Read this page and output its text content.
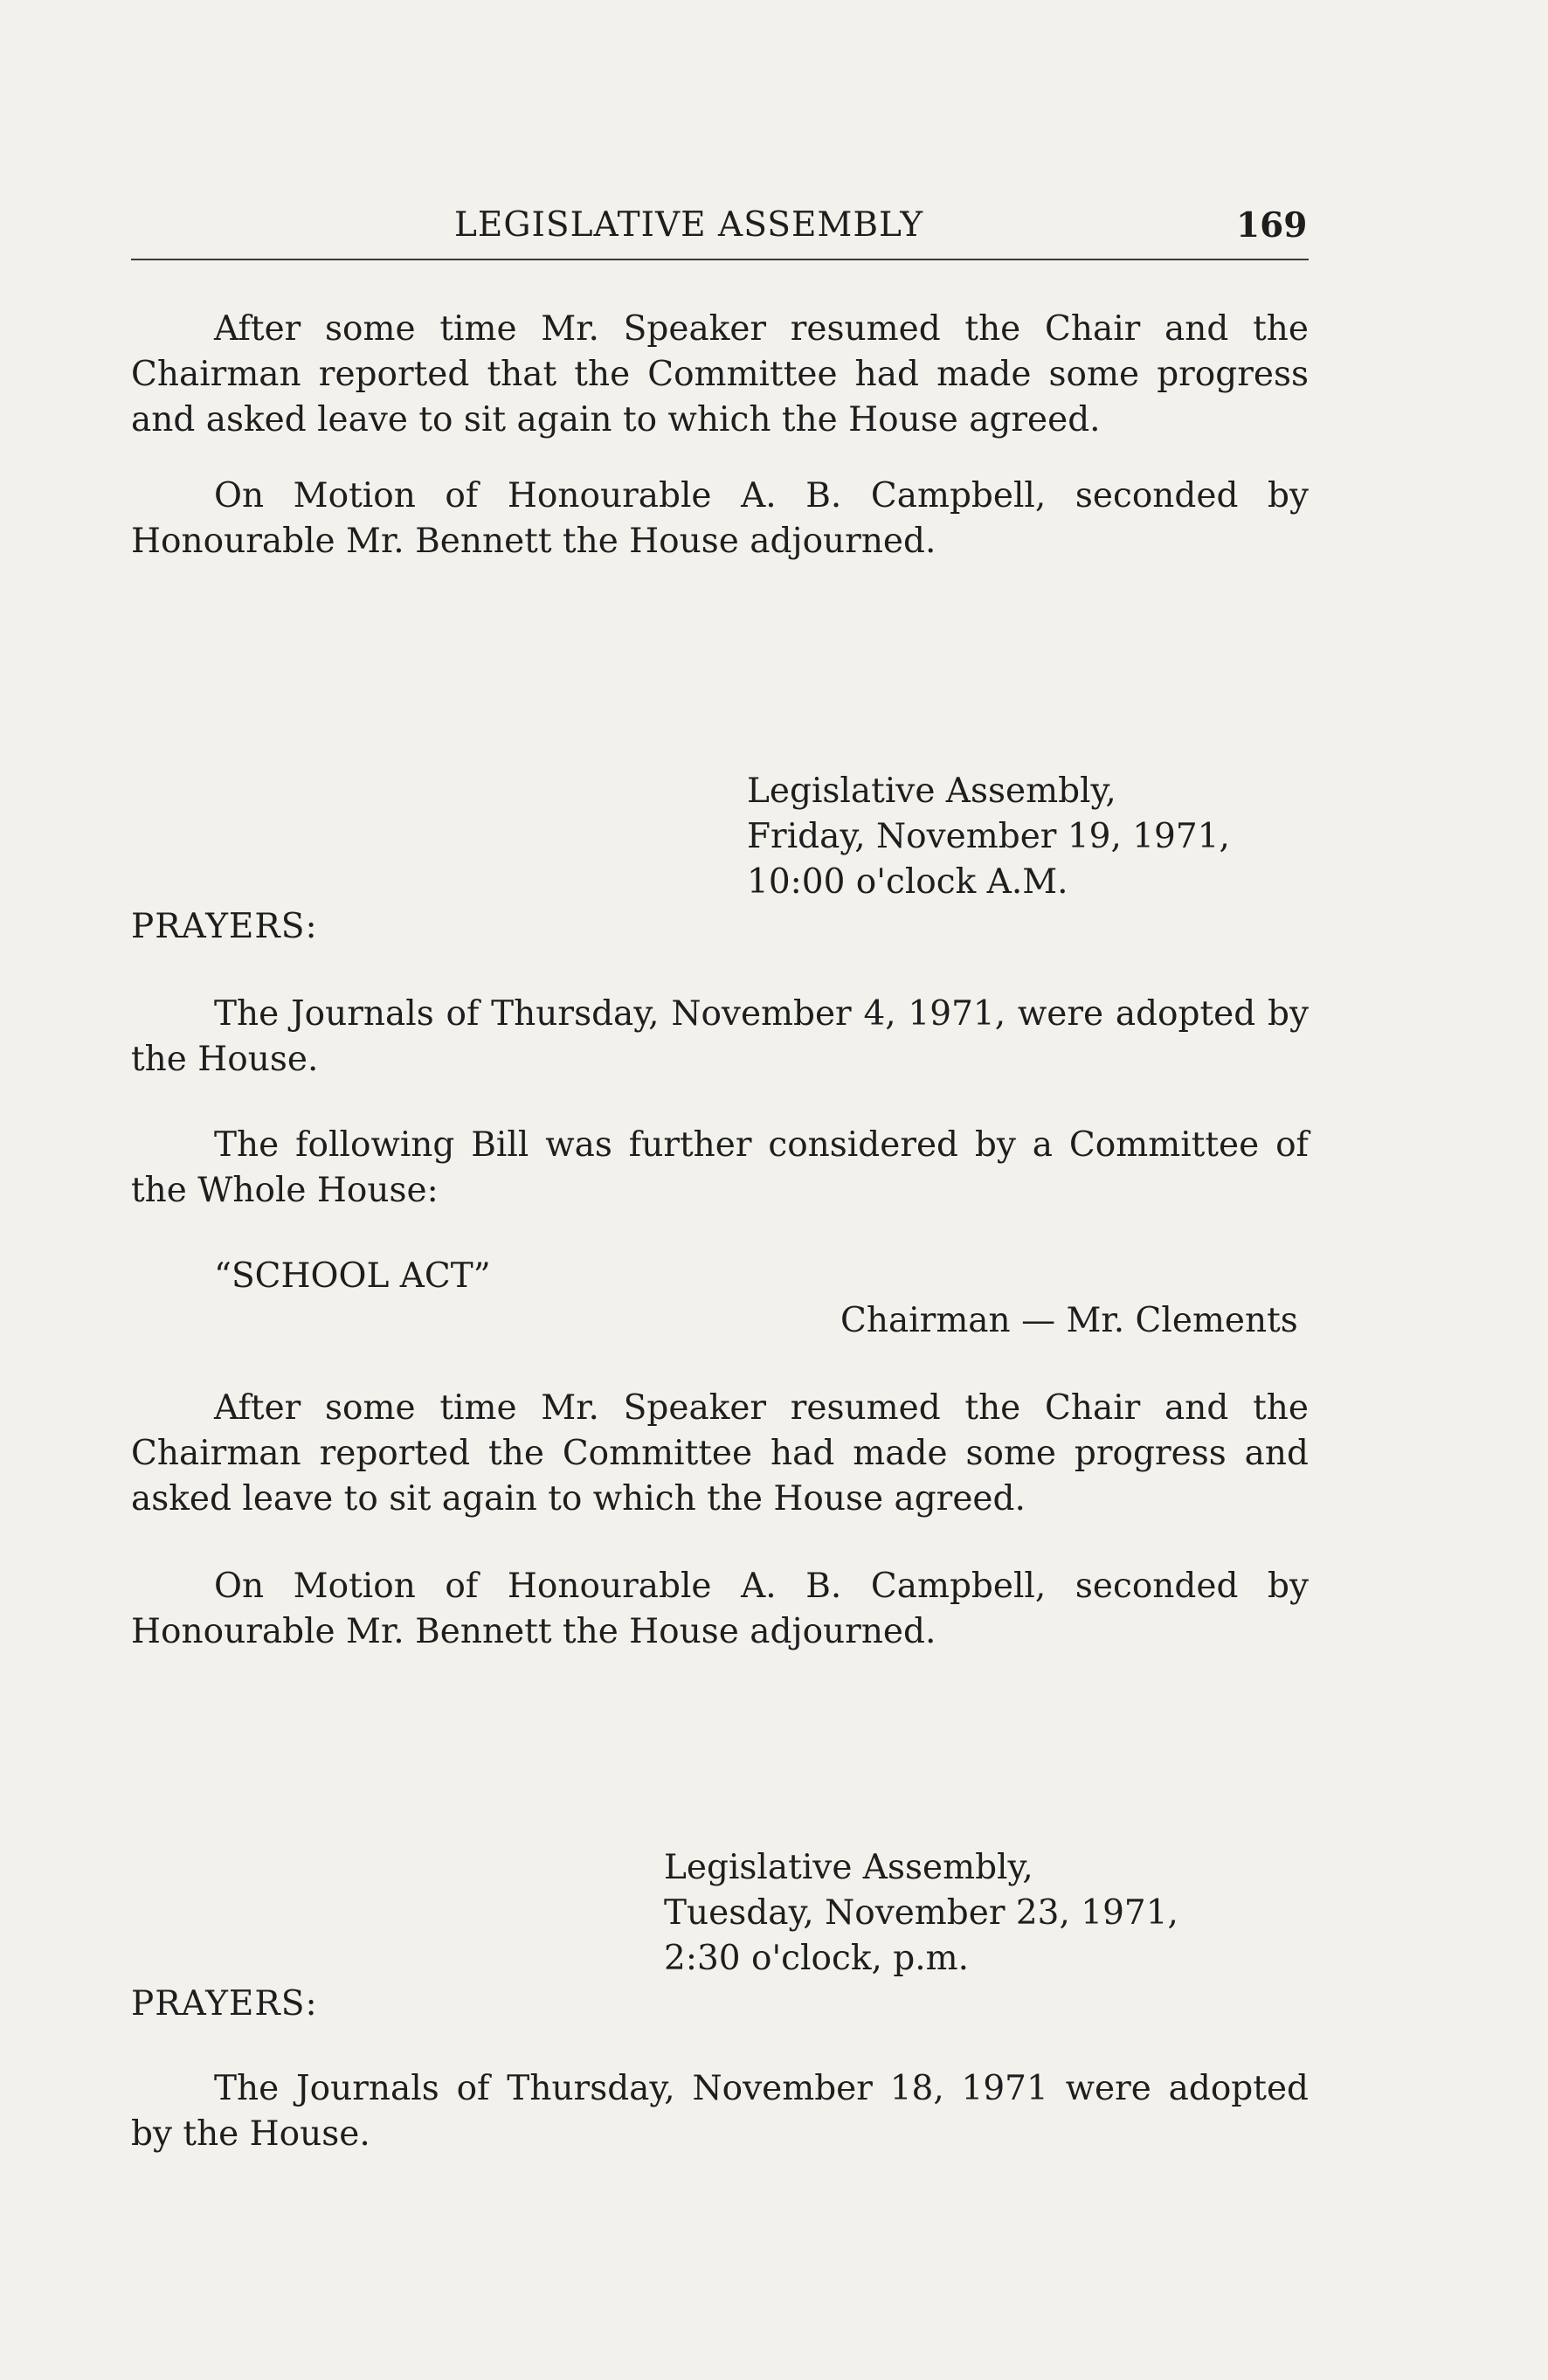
LEGISLATIVE ASSEMBLY	169

After some time Mr. Speaker resumed the Chair and the Chairman reported that the Committee had made some progress and asked leave to sit again to which the House agreed.

On Motion of Honourable A. B. Campbell, seconded by Honourable Mr. Bennett the House adjourned.

Legislative Assembly,
Friday, November 19, 1971,
10:00 o'clock A.M.
PRAYERS:

The Journals of Thursday, November 4, 1971, were adopted by the House.

The following Bill was further considered by a Committee of the Whole House:

“SCHOOL ACT”
Chairman — Mr. Clements

After some time Mr. Speaker resumed the Chair and the Chairman reported the Committee had made some progress and asked leave to sit again to which the House agreed.

On Motion of Honourable A. B. Campbell, seconded by Honourable Mr. Bennett the House adjourned.

Legislative Assembly,
Tuesday, November 23, 1971,
2:30 o'clock, p.m.
PRAYERS:

The Journals of Thursday, November 18, 1971 were adopted by the House.
